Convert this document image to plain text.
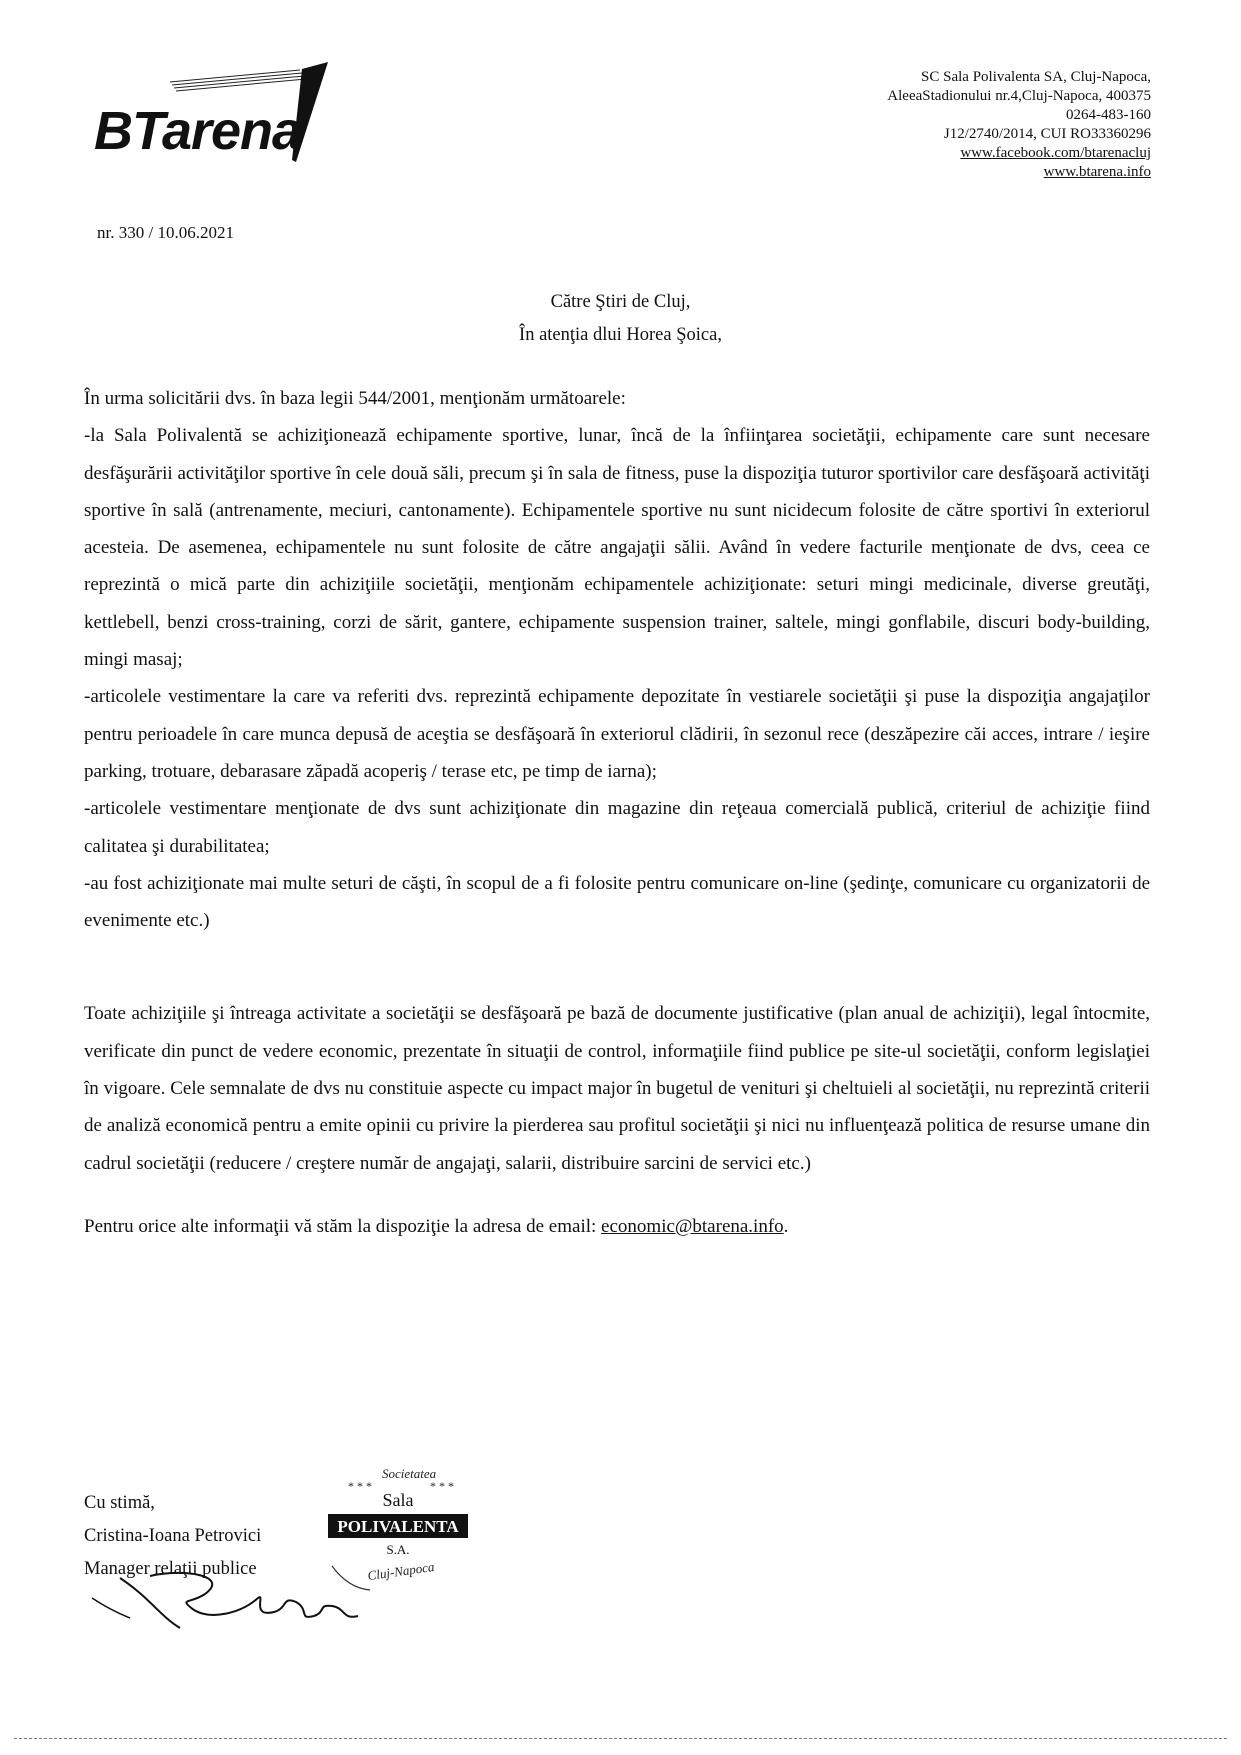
BTarena
SC Sala Polivalenta SA, Cluj-Napoca,
AleeaStadionului nr.4,Cluj-Napoca, 400375
0264-483-160
J12/2740/2014, CUI RO33360296
www.facebook.com/btarenacluj
www.btarena.info
nr. 330 / 10.06.2021
Către Ştiri de Cluj,
În atenţia dlui Horea Şoica,

În urma solicitării dvs. în baza legii 544/2001, menţionăm următoarele:

-la Sala Polivalentă se achiziţionează echipamente sportive, lunar, încă de la înfiinţarea societăţii, echipamente care sunt necesare desfăşurării activităţilor sportive în cele două săli, precum şi în sala de fitness, puse la dispoziţia tuturor sportivilor care desfăşoară activităţi sportive în sală (antrenamente, meciuri, cantonamente). Echipamentele sportive nu sunt nicidecum folosite de către sportivi în exteriorul acesteia. De asemenea, echipamentele nu sunt folosite de către angajaţii sălii. Având în vedere facturile menţionate de dvs, ceea ce reprezintă o mică parte din achiziţiile societăţii, menţionăm echipamentele achiziţionate: seturi mingi medicinale, diverse greutăţi, kettlebell, benzi cross-training, corzi de sărit, gantere, echipamente suspension trainer, saltele, mingi gonflabile, discuri body-building, mingi masaj;

-articolele vestimentare la care va referiti dvs. reprezintă echipamente depozitate în vestiarele societăţii şi puse la dispoziţia angajaţilor pentru perioadele în care munca depusă de aceştia se desfăşoară în exteriorul clădirii, în sezonul rece (deszăpezire căi acces, intrare / ieşire parking, trotuare, debarasare zăpadă acoperiş / terase etc, pe timp de iarna);

-articolele vestimentare menţionate de dvs sunt achiziţionate din magazine din reţeaua comercială publică, criteriul de achiziţie fiind calitatea şi durabilitatea;

-au fost achiziţionate mai multe seturi de căşti, în scopul de a fi folosite pentru comunicare on-line (şedinţe, comunicare cu organizatorii de evenimente etc.)

Toate achiziţiile şi întreaga activitate a societăţii se desfăşoară pe bază de documente justificative (plan anual de achiziţii), legal întocmite, verificate din punct de vedere economic, prezentate în situaţii de control, informaţiile fiind publice pe site-ul societăţii, conform legislaţiei în vigoare. Cele semnalate de dvs nu constituie aspecte cu impact major în bugetul de venituri şi cheltuieli al societăţii, nu reprezintă criterii de analiză economică pentru a emite opinii cu privire la pierderea sau profitul societăţii şi nici nu influenţează politica de resurse umane din cadrul societăţii (reducere / creştere număr de angajaţi, salarii, distribuire sarcini de servici etc.)

Pentru orice alte informaţii vă stăm la dispoziţie la adresa de email: economic@btarena.info.

Cu stimă,
Cristina-Ioana Petrovici
Manager relaţii publice
Societatea
* * *	* * *
Sala
POLIVALENTA
S.A.
Cluj-Napoca
